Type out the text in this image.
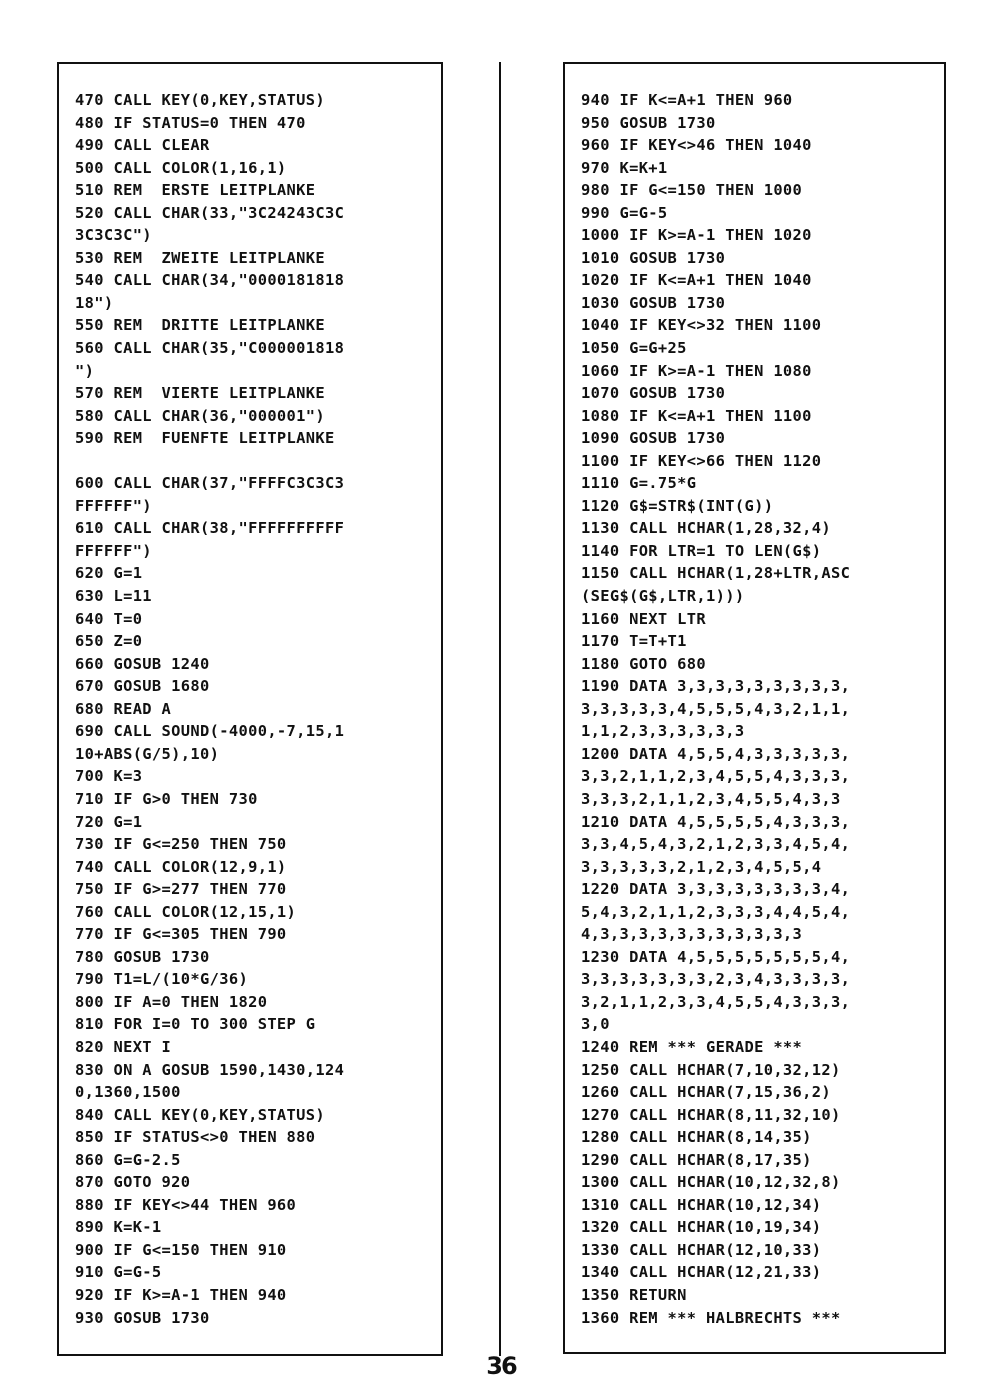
470 CALL KEY(0,KEY,STATUS)
480 IF STATUS=0 THEN 470
490 CALL CLEAR
500 CALL COLOR(1,16,1)
510 REM  ERSTE LEITPLANKE
520 CALL CHAR(33,"3C24243C3C
3C3C3C")
530 REM  ZWEITE LEITPLANKE
540 CALL CHAR(34,"0000181818
18")
550 REM  DRITTE LEITPLANKE
560 CALL CHAR(35,"C000001818
")
570 REM  VIERTE LEITPLANKE
580 CALL CHAR(36,"000001")
590 REM  FUENFTE LEITPLANKE
600 CALL CHAR(37,"FFFFC3C3C3
FFFFFF")
610 CALL CHAR(38,"FFFFFFFFFF
FFFFFF")
620 G=1
630 L=11
640 T=0
650 Z=0
660 GOSUB 1240
670 GOSUB 1680
680 READ A
690 CALL SOUND(-4000,-7,15,1
10+ABS(G/5),10)
700 K=3
710 IF G>0 THEN 730
720 G=1
730 IF G<=250 THEN 750
740 CALL COLOR(12,9,1)
750 IF G>=277 THEN 770
760 CALL COLOR(12,15,1)
770 IF G<=305 THEN 790
780 GOSUB 1730
790 T1=L/(10*G/36)
800 IF A=0 THEN 1820
810 FOR I=0 TO 300 STEP G
820 NEXT I
830 ON A GOSUB 1590,1430,124
0,1360,1500
840 CALL KEY(0,KEY,STATUS)
850 IF STATUS<>0 THEN 880
860 G=G-2.5
870 GOTO 920
880 IF KEY<>44 THEN 960
890 K=K-1
900 IF G<=150 THEN 910
910 G=G-5
920 IF K>=A-1 THEN 940
930 GOSUB 1730
940 IF K<=A+1 THEN 960
950 GOSUB 1730
960 IF KEY<>46 THEN 1040
970 K=K+1
980 IF G<=150 THEN 1000
990 G=G-5
1000 IF K>=A-1 THEN 1020
1010 GOSUB 1730
1020 IF K<=A+1 THEN 1040
1030 GOSUB 1730
1040 IF KEY<>32 THEN 1100
1050 G=G+25
1060 IF K>=A-1 THEN 1080
1070 GOSUB 1730
1080 IF K<=A+1 THEN 1100
1090 GOSUB 1730
1100 IF KEY<>66 THEN 1120
1110 G=.75*G
1120 G$=STR$(INT(G))
1130 CALL HCHAR(1,28,32,4)
1140 FOR LTR=1 TO LEN(G$)
1150 CALL HCHAR(1,28+LTR,ASC
(SEG$(G$,LTR,1)))
1160 NEXT LTR
1170 T=T+T1
1180 GOTO 680
1190 DATA 3,3,3,3,3,3,3,3,3,
3,3,3,3,3,4,5,5,5,4,3,2,1,1,
1,1,2,3,3,3,3,3,3
1200 DATA 4,5,5,4,3,3,3,3,3,
3,3,2,1,1,2,3,4,5,5,4,3,3,3,
3,3,3,2,1,1,2,3,4,5,5,4,3,3
1210 DATA 4,5,5,5,5,4,3,3,3,
3,3,4,5,4,3,2,1,2,3,3,4,5,4,
3,3,3,3,3,2,1,2,3,4,5,5,4
1220 DATA 3,3,3,3,3,3,3,3,4,
5,4,3,2,1,1,2,3,3,3,4,4,5,4,
4,3,3,3,3,3,3,3,3,3,3,3
1230 DATA 4,5,5,5,5,5,5,5,4,
3,3,3,3,3,3,3,2,3,4,3,3,3,3,
3,2,1,1,2,3,3,4,5,5,4,3,3,3,
3,0
1240 REM *** GERADE ***
1250 CALL HCHAR(7,10,32,12)
1260 CALL HCHAR(7,15,36,2)
1270 CALL HCHAR(8,11,32,10)
1280 CALL HCHAR(8,14,35)
1290 CALL HCHAR(8,17,35)
1300 CALL HCHAR(10,12,32,8)
1310 CALL HCHAR(10,12,34)
1320 CALL HCHAR(10,19,34)
1330 CALL HCHAR(12,10,33)
1340 CALL HCHAR(12,21,33)
1350 RETURN
1360 REM *** HALBRECHTS ***
36
